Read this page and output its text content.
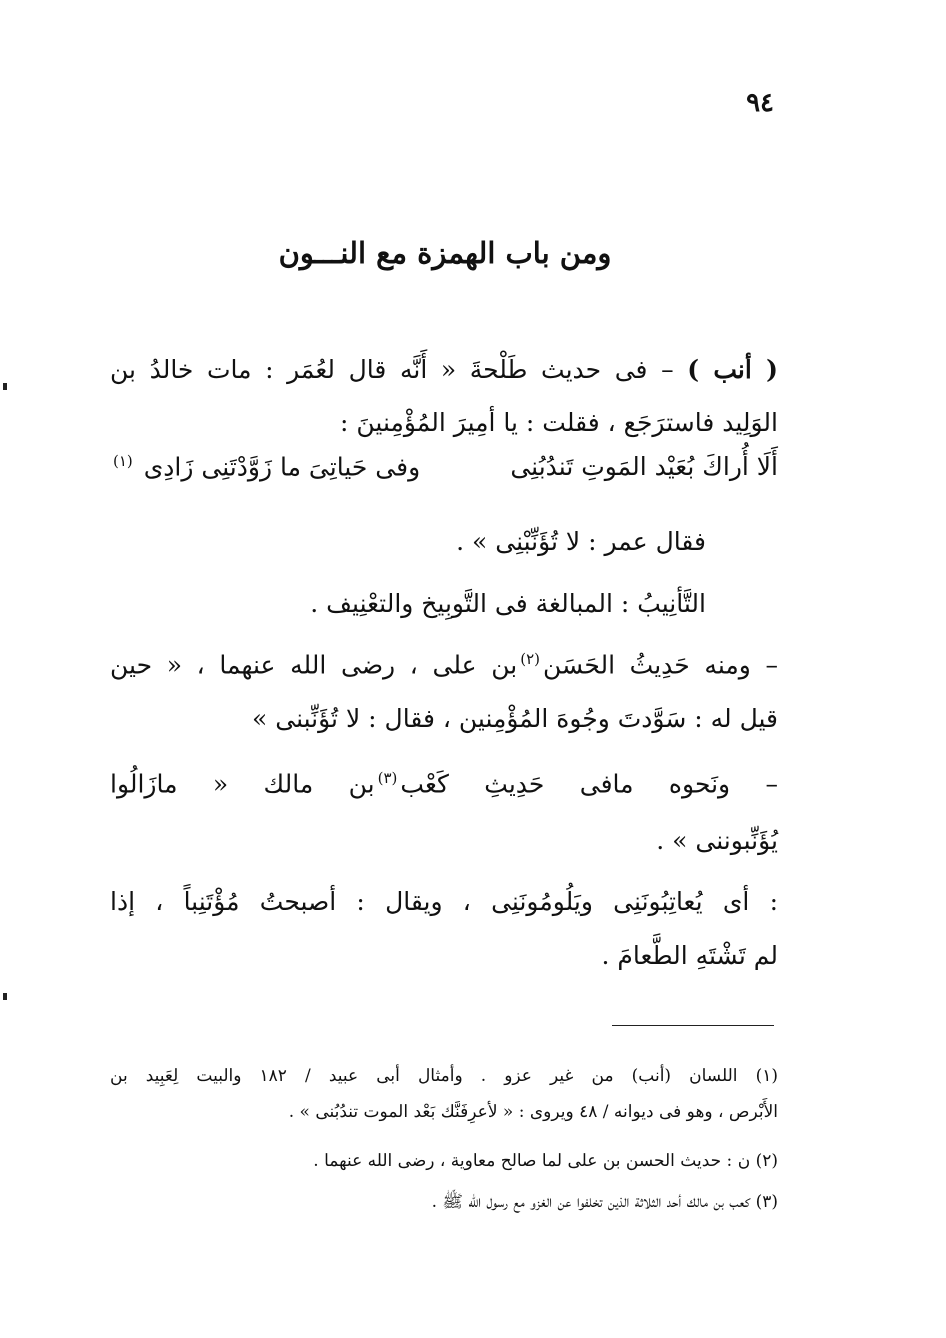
٩٤
ومن باب الهمزة مع النـــون
( أنب ) – فى حديث طَلْحةَ « أَنَّه قال لعُمَر : مات خالدُ بن
الوَلِيد فاسترَجَع ، فقلت : يا أمِيرَ المُؤْمِنينَ :
أَلَا أُراكَ بُعَيْد المَوتِ تَندُبُنِى
وفى حَياتِىَ ما زَوَّدْتَنِى زَادِى $^{(١)}$
فقال عمر : لا تُؤَنِّبْنِى » .
التَّأنِيبُ : المبالغة فى التَّوبِيخ والتعْنِيف .
– ومنه حَدِيثُ الحَسَن$^{(٢)}$بن على ، رضى الله عنهما ، « حين
قيل له : سَوَّدتَ وجُوهَ المُؤْمِنين ، فقال : لا تُؤَنِّبنى »
– ونَحوه مافى حَدِيثِ كَعْب$^{(٣)}$بن مالك « مازَالُوا
يُؤَنِّبوننى » .
: أى يُعاتِبُونَنِى ويَلُومُونَنِى ، ويقال : أصبحتُ مُؤْتَنِباً ، إذا
لم تَشْتَهِ الطَّعامَ .
(١) اللسان (أنب) من غير عزو . وأمثال أبى عبيد / ١٨٢ والبيت لِعَبِيد بن
الأَبْرص ، وهو فى ديوانه / ٤٨ ويروى : « لأعرِفَنَّك بَعْد الموت تندُبُنى » .
(٢) ن : حديث الحسن بن على لما صالح معاوية ، رضى الله عنهما .
(٣) كعب بن مالك أحد الثلاثة الذين تخلفوا عن الغزو مع رسول الله ﷺ .
